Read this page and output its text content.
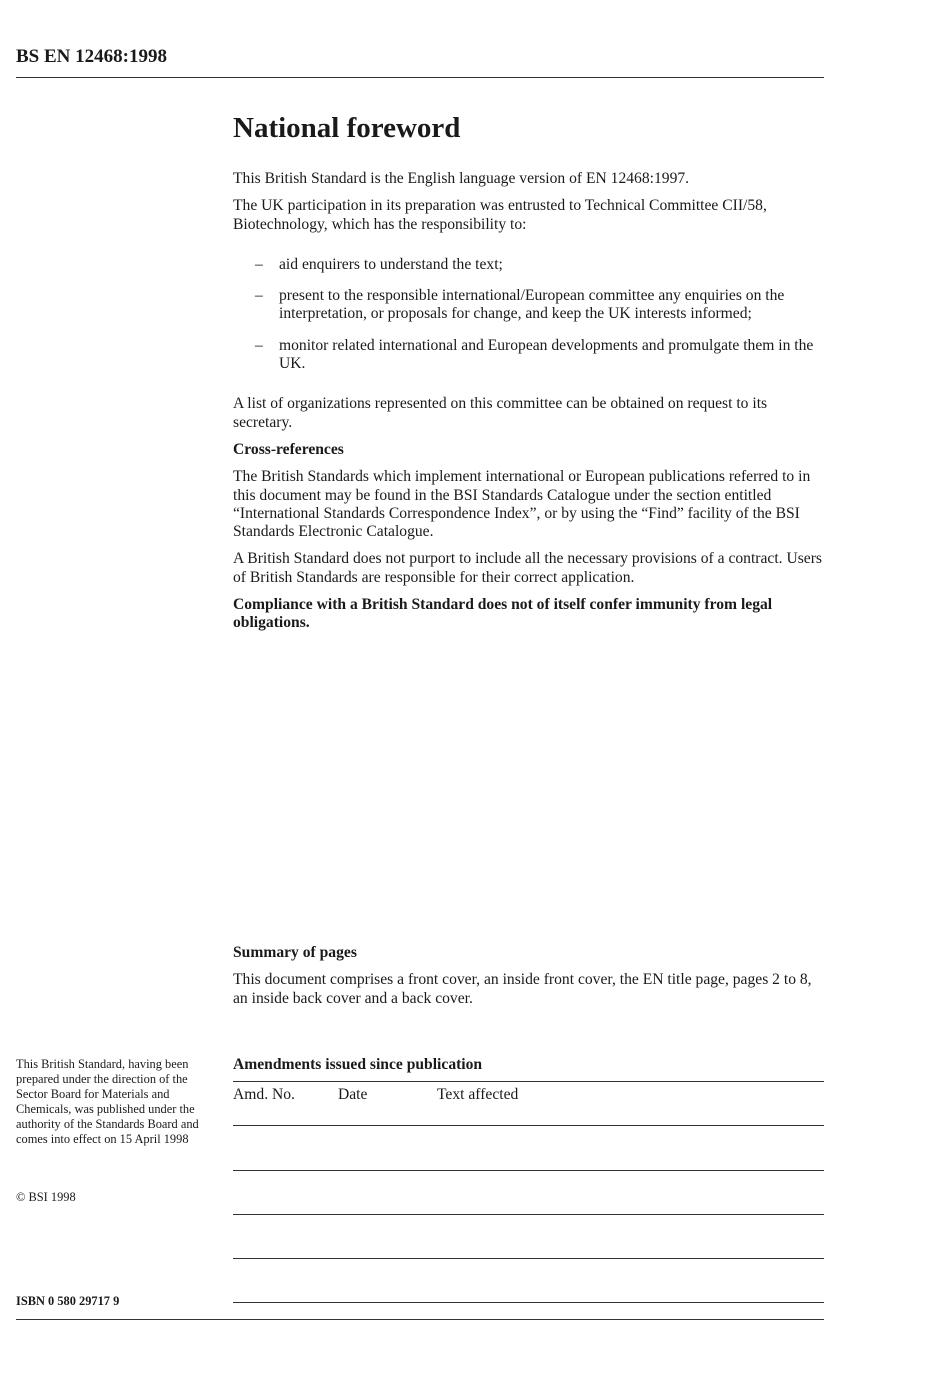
BS EN 12468:1998
National foreword

This British Standard is the English language version of EN 12468:1997.

The UK participation in its preparation was entrusted to Technical Committee CII/58, Biotechnology, which has the responsibility to:

– aid enquirers to understand the text;
– present to the responsible international/European committee any enquiries on the interpretation, or proposals for change, and keep the UK interests informed;
– monitor related international and European developments and promulgate them in the UK.

A list of organizations represented on this committee can be obtained on request to its secretary.

Cross-references

The British Standards which implement international or European publications referred to in this document may be found in the BSI Standards Catalogue under the section entitled “International Standards Correspondence Index”, or by using the “Find” facility of the BSI Standards Electronic Catalogue.

A British Standard does not purport to include all the necessary provisions of a contract. Users of British Standards are responsible for their correct application.

Compliance with a British Standard does not of itself confer immunity from legal obligations.

Summary of pages

This document comprises a front cover, an inside front cover, the EN title page, pages 2 to 8, an inside back cover and a back cover.

This British Standard, having been prepared under the direction of the Sector Board for Materials and Chemicals, was published under the authority of the Standards Board and comes into effect on 15 April 1998

© BSI 1998

ISBN 0 580 29717 9

Amendments issued since publication
Amd. No.	Date	Text affected
